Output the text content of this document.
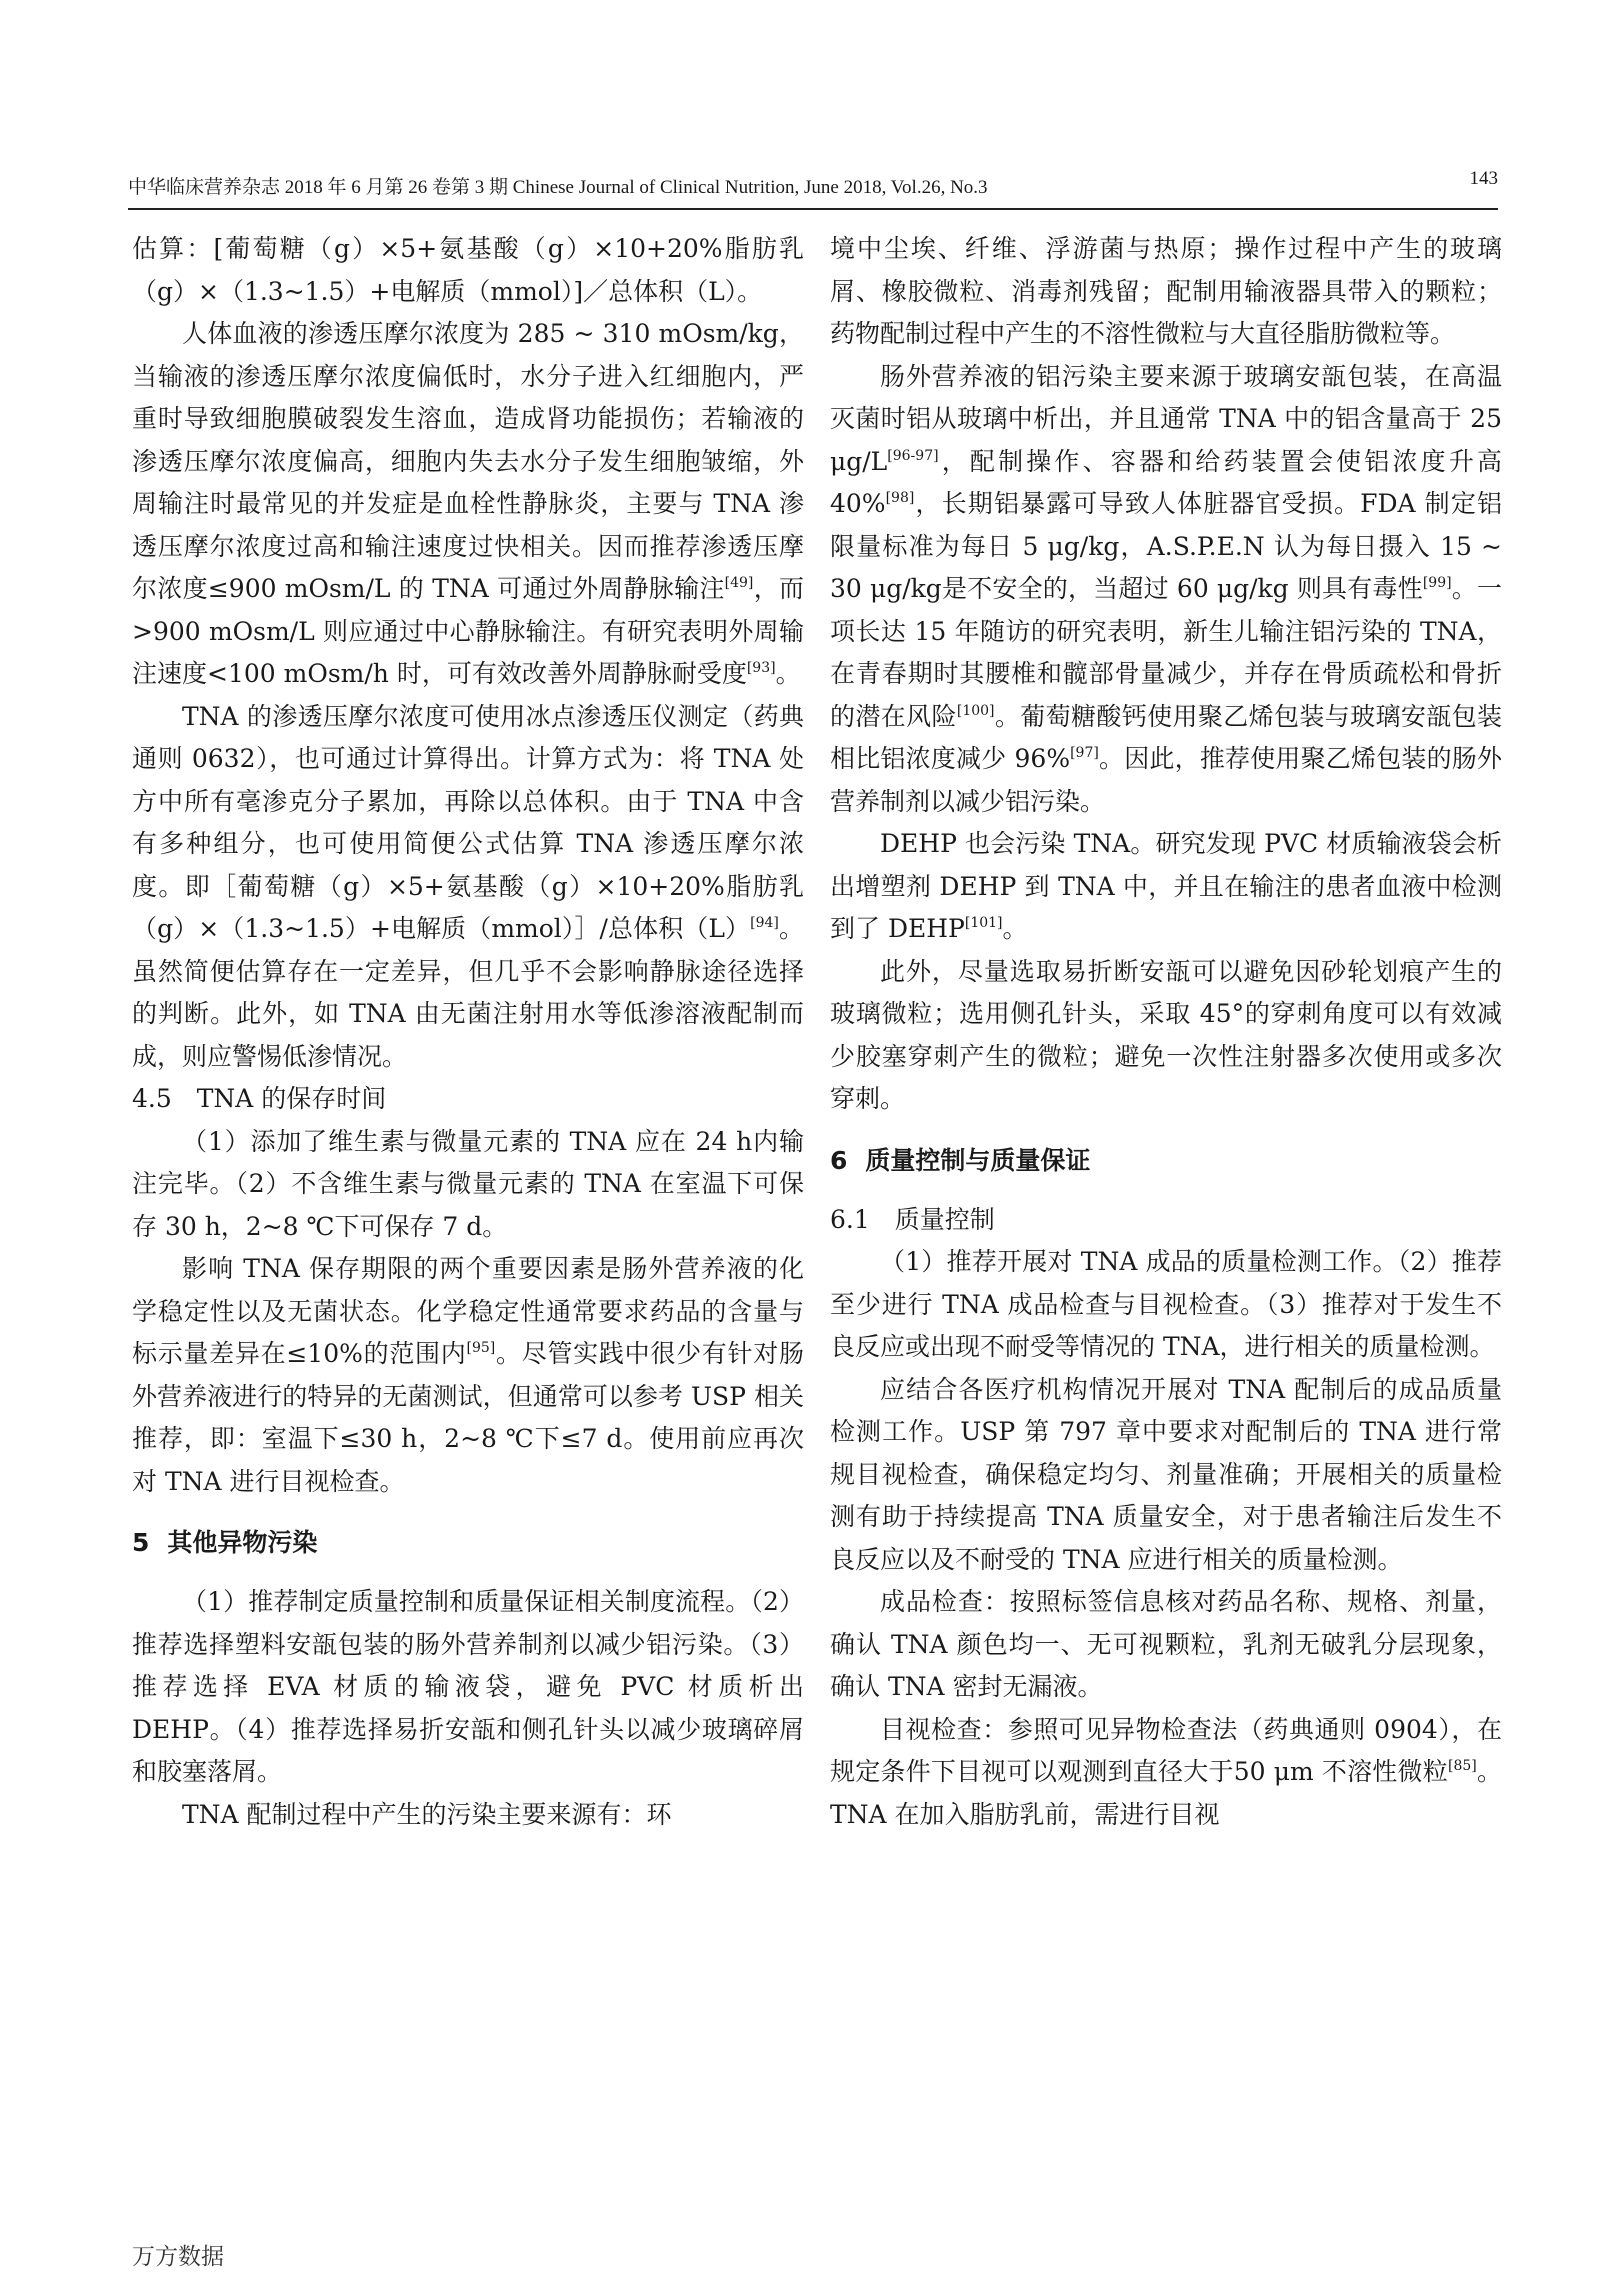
中华临床营养杂志 2018 年 6 月第 26 卷第 3 期 Chinese Journal of Clinical Nutrition, June 2018, Vol.26, No.3	143

估算：[葡萄糖（g）×5+氨基酸（g）×10+20%脂肪乳（g）×（1.3~1.5）+电解质（mmol）]／总体积（L）。

人体血液的渗透压摩尔浓度为 285 ~ 310 mOsm/kg，当输液的渗透压摩尔浓度偏低时，水分子进入红细胞内，严重时导致细胞膜破裂发生溶血，造成肾功能损伤；若输液的渗透压摩尔浓度偏高，细胞内失去水分子发生细胞皱缩，外周输注时最常见的并发症是血栓性静脉炎，主要与 TNA 渗透压摩尔浓度过高和输注速度过快相关。因而推荐渗透压摩尔浓度≤900 mOsm/L 的 TNA 可通过外周静脉输注[49]，而>900 mOsm/L 则应通过中心静脉输注。有研究表明外周输注速度<100 mOsm/h 时，可有效改善外周静脉耐受度[93]。

TNA 的渗透压摩尔浓度可使用冰点渗透压仪测定（药典通则 0632），也可通过计算得出。计算方式为：将 TNA 处方中所有毫渗克分子累加，再除以总体积。由于 TNA 中含有多种组分，也可使用简便公式估算 TNA 渗透压摩尔浓度。即［葡萄糖（g）×5+氨基酸（g）×10+20%脂肪乳（g）×（1.3~1.5）+电解质（mmol）］/总体积（L）[94]。虽然简便估算存在一定差异，但几乎不会影响静脉途径选择的判断。此外，如 TNA 由无菌注射用水等低渗溶液配制而成，则应警惕低渗情况。

4.5　TNA 的保存时间

（1）添加了维生素与微量元素的 TNA 应在 24 h内输注完毕。（2）不含维生素与微量元素的 TNA 在室温下可保存 30 h，2~8 ℃下可保存 7 d。

影响 TNA 保存期限的两个重要因素是肠外营养液的化学稳定性以及无菌状态。化学稳定性通常要求药品的含量与标示量差异在≤10%的范围内[95]。尽管实践中很少有针对肠外营养液进行的特异的无菌测试，但通常可以参考 USP 相关推荐，即：室温下≤30 h，2~8 ℃下≤7 d。使用前应再次对 TNA 进行目视检查。

5 其他异物污染

（1）推荐制定质量控制和质量保证相关制度流程。（2）推荐选择塑料安瓿包装的肠外营养制剂以减少铝污染。（3）推荐选择 EVA 材质的输液袋，避免 PVC 材质析出 DEHP。（4）推荐选择易折安瓿和侧孔针头以减少玻璃碎屑和胶塞落屑。

TNA 配制过程中产生的污染主要来源有：环

境中尘埃、纤维、浮游菌与热原；操作过程中产生的玻璃屑、橡胶微粒、消毒剂残留；配制用输液器具带入的颗粒；药物配制过程中产生的不溶性微粒与大直径脂肪微粒等。

肠外营养液的铝污染主要来源于玻璃安瓿包装，在高温灭菌时铝从玻璃中析出，并且通常 TNA 中的铝含量高于 25 μg/L[96-97]，配制操作、容器和给药装置会使铝浓度升高 40%[98]，长期铝暴露可导致人体脏器官受损。FDA 制定铝限量标准为每日 5 μg/kg，A.S.P.E.N 认为每日摄入 15 ~ 30 μg/kg是不安全的，当超过 60 μg/kg 则具有毒性[99]。一项长达 15 年随访的研究表明，新生儿输注铝污染的 TNA，在青春期时其腰椎和髋部骨量减少，并存在骨质疏松和骨折的潜在风险[100]。葡萄糖酸钙使用聚乙烯包装与玻璃安瓿包装相比铝浓度减少 96%[97]。因此，推荐使用聚乙烯包装的肠外营养制剂以减少铝污染。

DEHP 也会污染 TNA。研究发现 PVC 材质输液袋会析出增塑剂 DEHP 到 TNA 中，并且在输注的患者血液中检测到了 DEHP[101]。

此外，尽量选取易折断安瓿可以避免因砂轮划痕产生的玻璃微粒；选用侧孔针头，采取 45°的穿刺角度可以有效减少胶塞穿刺产生的微粒；避免一次性注射器多次使用或多次穿刺。

6 质量控制与质量保证

6.1　质量控制

（1）推荐开展对 TNA 成品的质量检测工作。（2）推荐至少进行 TNA 成品检查与目视检查。（3）推荐对于发生不良反应或出现不耐受等情况的 TNA，进行相关的质量检测。

应结合各医疗机构情况开展对 TNA 配制后的成品质量检测工作。USP 第 797 章中要求对配制后的 TNA 进行常规目视检查，确保稳定均匀、剂量准确；开展相关的质量检测有助于持续提高 TNA 质量安全，对于患者输注后发生不良反应以及不耐受的 TNA 应进行相关的质量检测。

成品检查：按照标签信息核对药品名称、规格、剂量，确认 TNA 颜色均一、无可视颗粒，乳剂无破乳分层现象，确认 TNA 密封无漏液。

目视检查：参照可见异物检查法（药典通则 0904），在规定条件下目视可以观测到直径大于50 μm 不溶性微粒[85]。TNA 在加入脂肪乳前，需进行目视

万方数据
